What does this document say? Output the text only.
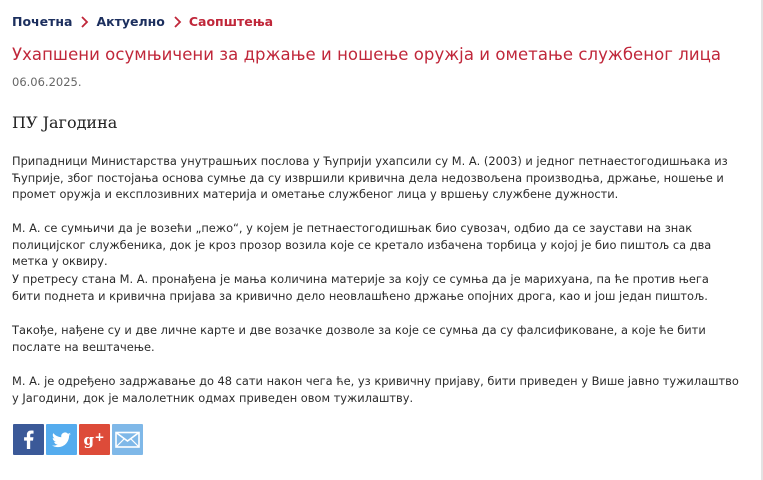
Почетна Актуелно Саопштења
Ухапшени осумњичени за држање и ношење оружја и ометање службеног лица
06.06.2025.
ПУ Јагодина

Припадници Министарства унутрашњих послова у Ћуприји ухапсили су М. А. (2003) и једног петнаестогодишњака из Ћуприје, због постојања основа сумње да су извршили кривична дела недозвољена производња, држање, ношење и промет оружја и експлозивних материја и ометање службеног лица у вршењу службене дужности.

М. А. се сумњичи да је возећи „пежо“, у којем је петнаестогодишњак био сувозач, одбио да се заустави на знак полицијског службеника, док је кроз прозор возила које се кретало избачена торбица у којој је био пиштољ са два метка у оквиру.

У претресу стана М. А. пронађена је мања количина материје за коју се сумња да је марихуана, па ће против њега бити поднета и кривична пријава за кривично дело неовлашћено држање опојних дрога, као и још један пиштољ.

Такође, нађене су и две личне карте и две возачке дозволе за које се сумња да су фалсификоване, а које ће бити послате на вештачење.

М. А. је одређено задржавање до 48 сати након чега ће, уз кривичну пријаву, бити приведен у Више јавно тужилаштво у Јагодини, док је малолетник одмах приведен овом тужилаштву.

g +
